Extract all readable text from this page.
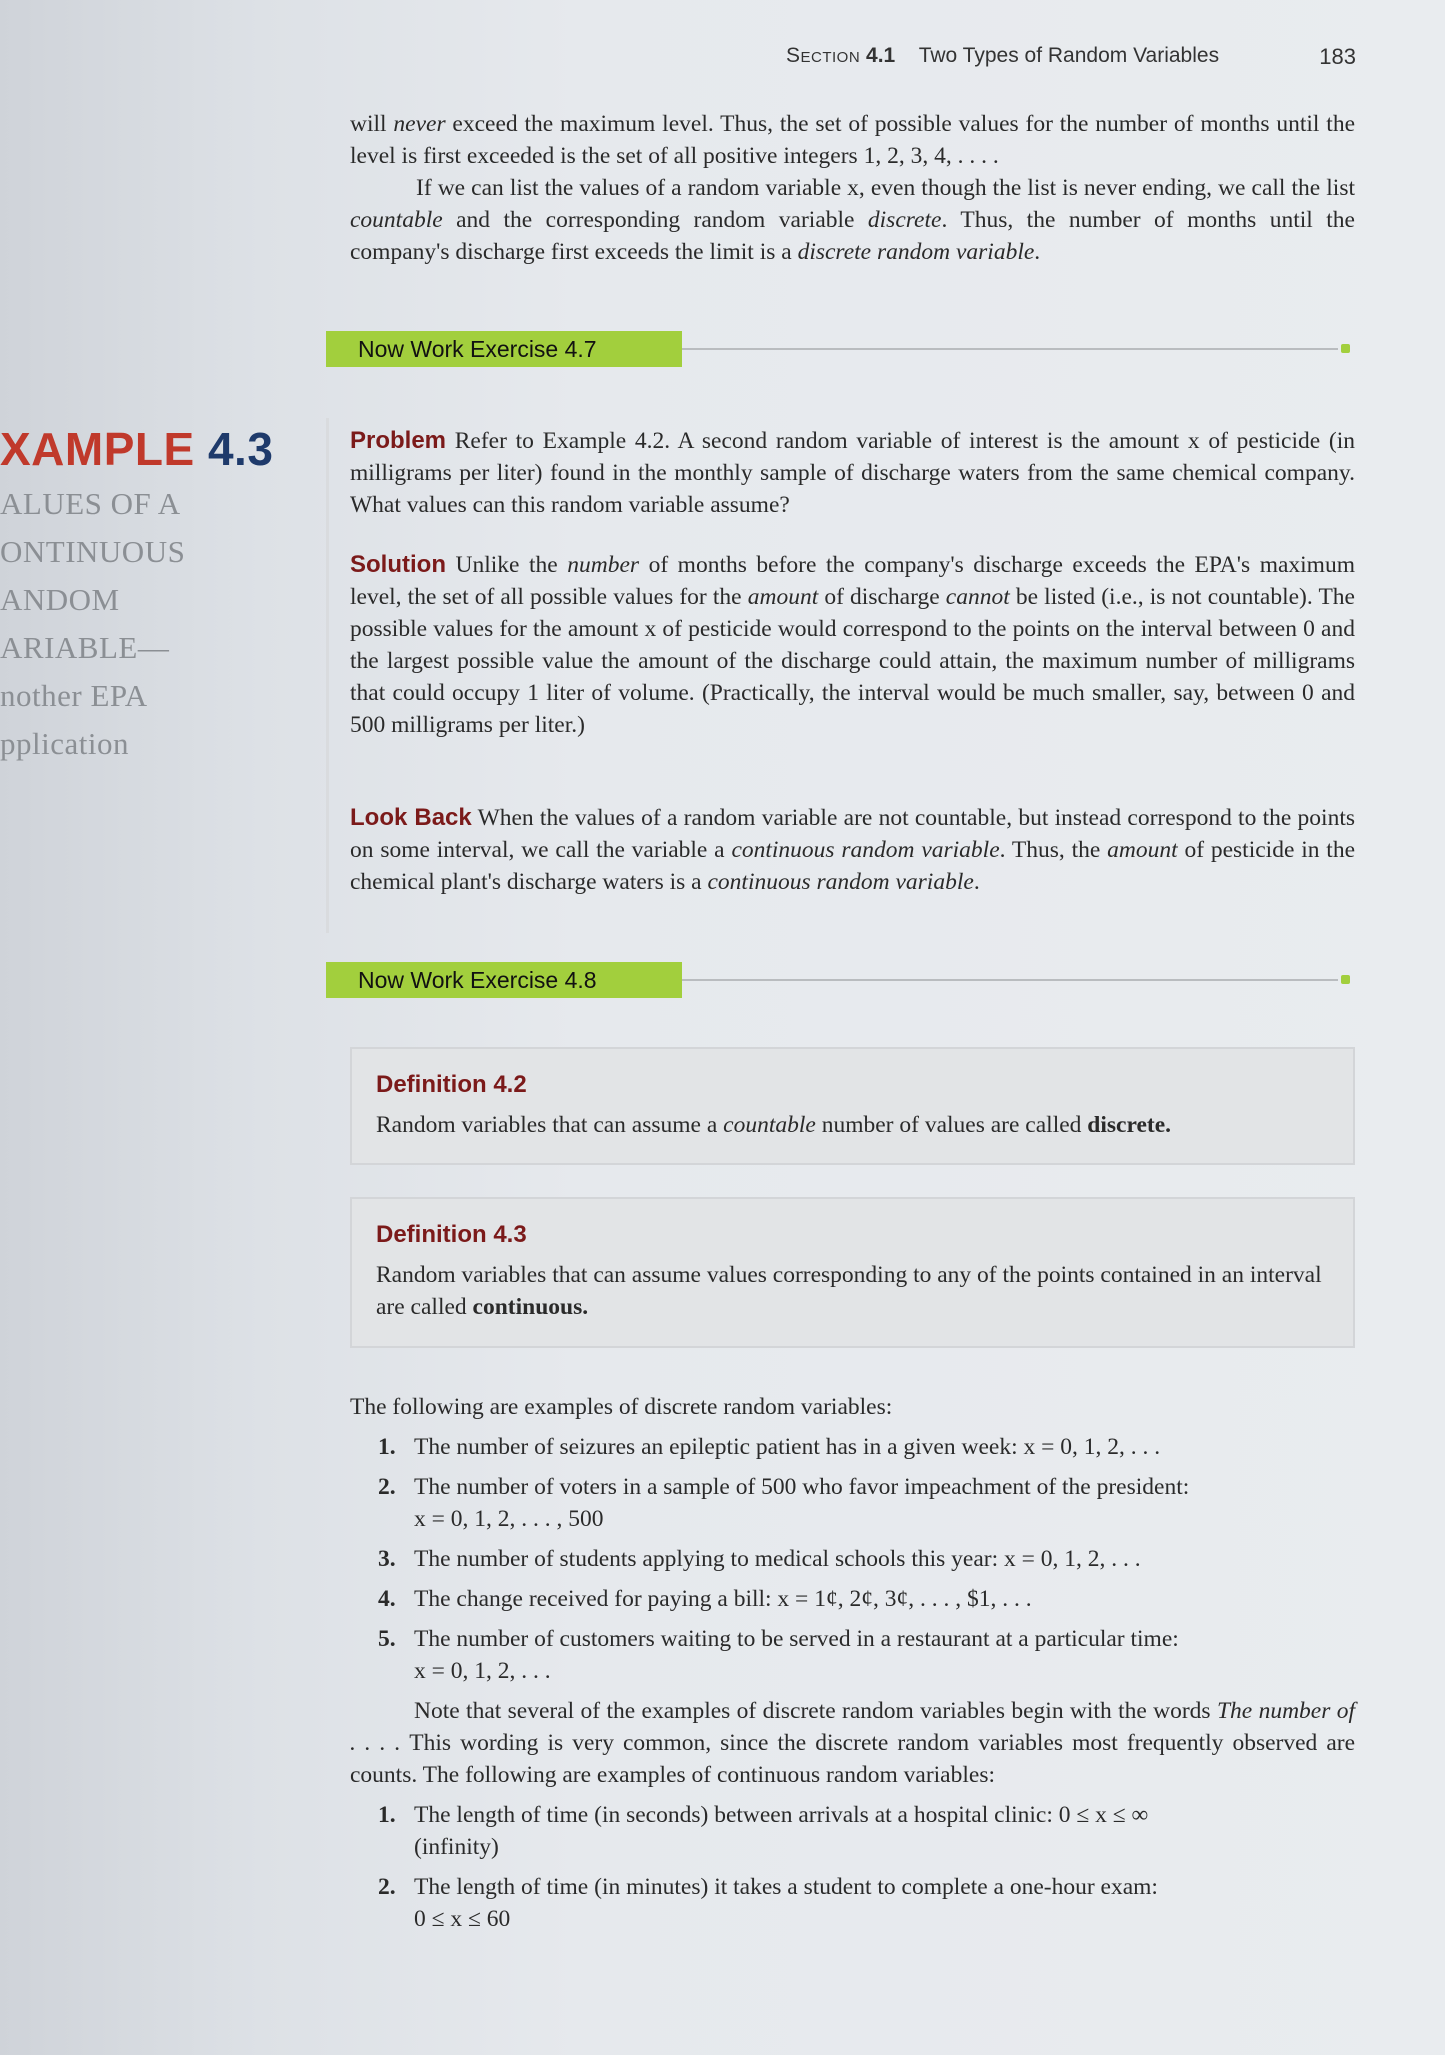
Section 4.1 Two Types of Random Variables	183

will never exceed the maximum level. Thus, the set of possible values for the number of months until the level is first exceeded is the set of all positive integers 1, 2, 3, 4, . . . .

If we can list the values of a random variable x, even though the list is never ending, we call the list countable and the corresponding random variable discrete. Thus, the number of months until the company's discharge first exceeds the limit is a discrete random variable.

Now Work Exercise 4.7
XAMPLE 4.3
ALUES OF A
ONTINUOUS
ANDOM
ARIABLE—
nother EPA
pplication

Problem Refer to Example 4.2. A second random variable of interest is the amount x of pesticide (in milligrams per liter) found in the monthly sample of discharge waters from the same chemical company. What values can this random variable assume?

Solution Unlike the number of months before the company's discharge exceeds the EPA's maximum level, the set of all possible values for the amount of discharge cannot be listed (i.e., is not countable). The possible values for the amount x of pesticide would correspond to the points on the interval between 0 and the largest possible value the amount of the discharge could attain, the maximum number of milligrams that could occupy 1 liter of volume. (Practically, the interval would be much smaller, say, between 0 and 500 milligrams per liter.)

Look Back When the values of a random variable are not countable, but instead correspond to the points on some interval, we call the variable a continuous random variable. Thus, the amount of pesticide in the chemical plant's discharge waters is a continuous random variable.

Now Work Exercise 4.8
Definition 4.2
Random variables that can assume a countable number of values are called discrete.
Definition 4.3
Random variables that can assume values corresponding to any of the points contained in an interval are called continuous.
The following are examples of discrete random variables:
1. The number of seizures an epileptic patient has in a given week: x = 0, 1, 2, . . .
2. The number of voters in a sample of 500 who favor impeachment of the president:
x = 0, 1, 2, . . . , 500
3. The number of students applying to medical schools this year: x = 0, 1, 2, . . .
4. The change received for paying a bill: x = 1¢, 2¢, 3¢, . . . , $1, . . .
5. The number of customers waiting to be served in a restaurant at a particular time:
x = 0, 1, 2, . . .
Note that several of the examples of discrete random variables begin with the words The number of . . . . This wording is very common, since the discrete random variables most frequently observed are counts. The following are examples of continuous random variables:
1. The length of time (in seconds) between arrivals at a hospital clinic: 0 ≤ x ≤ ∞
(infinity)
2. The length of time (in minutes) it takes a student to complete a one-hour exam:
0 ≤ x ≤ 60
